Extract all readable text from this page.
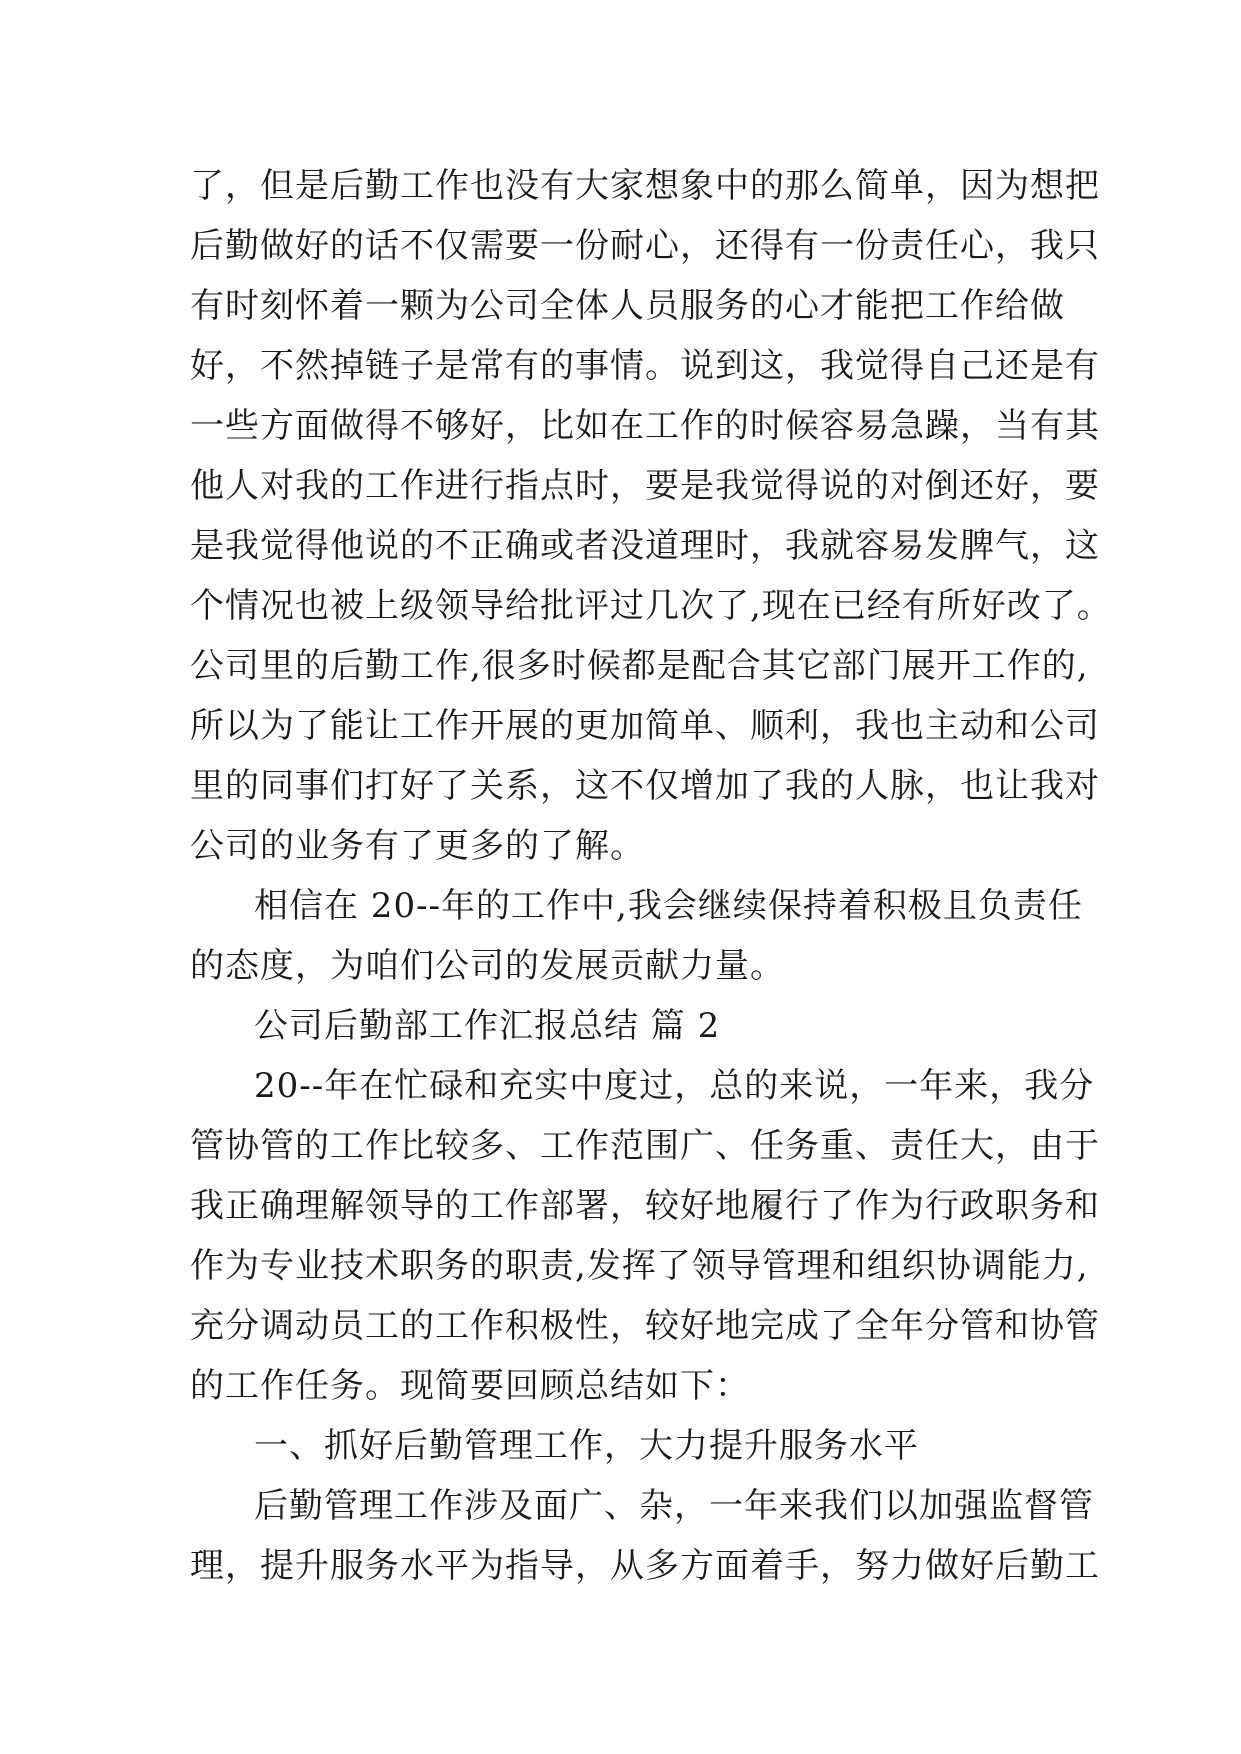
了，但是后勤工作也没有大家想象中的那么简单，因为想把
后勤做好的话不仅需要一份耐心，还得有一份责任心，我只
有时刻怀着一颗为公司全体人员服务的心才能把工作给做
好，不然掉链子是常有的事情。说到这，我觉得自己还是有
一些方面做得不够好，比如在工作的时候容易急躁，当有其
他人对我的工作进行指点时，要是我觉得说的对倒还好，要
是我觉得他说的不正确或者没道理时，我就容易发脾气，这
个情况也被上级领导给批评过几次了,现在已经有所好改了。
公司里的后勤工作,很多时候都是配合其它部门展开工作的,
所以为了能让工作开展的更加简单、顺利，我也主动和公司
里的同事们打好了关系，这不仅增加了我的人脉，也让我对
公司的业务有了更多的了解。
相信在 20--年的工作中,我会继续保持着积极且负责任
的态度，为咱们公司的发展贡献力量。
公司后勤部工作汇报总结 篇 2
20--年在忙碌和充实中度过，总的来说，一年来，我分
管协管的工作比较多、工作范围广、任务重、责任大，由于
我正确理解领导的工作部署，较好地履行了作为行政职务和
作为专业技术职务的职责,发挥了领导管理和组织协调能力,
充分调动员工的工作积极性，较好地完成了全年分管和协管
的工作任务。现简要回顾总结如下：
一、抓好后勤管理工作，大力提升服务水平
后勤管理工作涉及面广、杂，一年来我们以加强监督管
理，提升服务水平为指导，从多方面着手，努力做好后勤工
